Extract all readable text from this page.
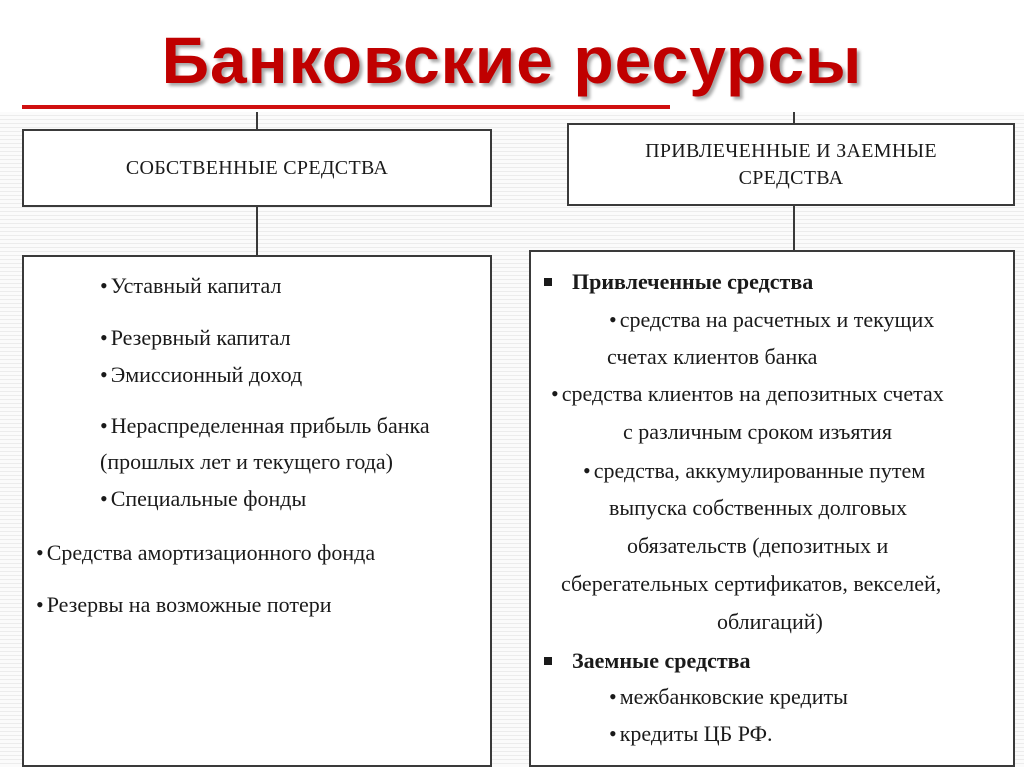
Банковские ресурсы
СОБСТВЕННЫЕ СРЕДСТВА
ПРИВЛЕЧЕННЫЕ И ЗАЕМНЫЕ
СРЕДСТВА
• Уставный капитал
• Резервный капитал
• Эмиссионный доход
• Нераспределенная прибыль банка
(прошлых лет и текущего года)
• Специальные фонды
• Средства амортизационного фонда
• Резервы на возможные потери
Привлеченные средства
• средства на расчетных и текущих
счетах клиентов банка
• средства клиентов на депозитных счетах
с различным сроком изъятия
• средства, аккумулированные путем
выпуска собственных долговых
обязательств (депозитных и
сберегательных сертификатов, векселей,
облигаций)
Заемные средства
• межбанковские кредиты
• кредиты ЦБ РФ.
